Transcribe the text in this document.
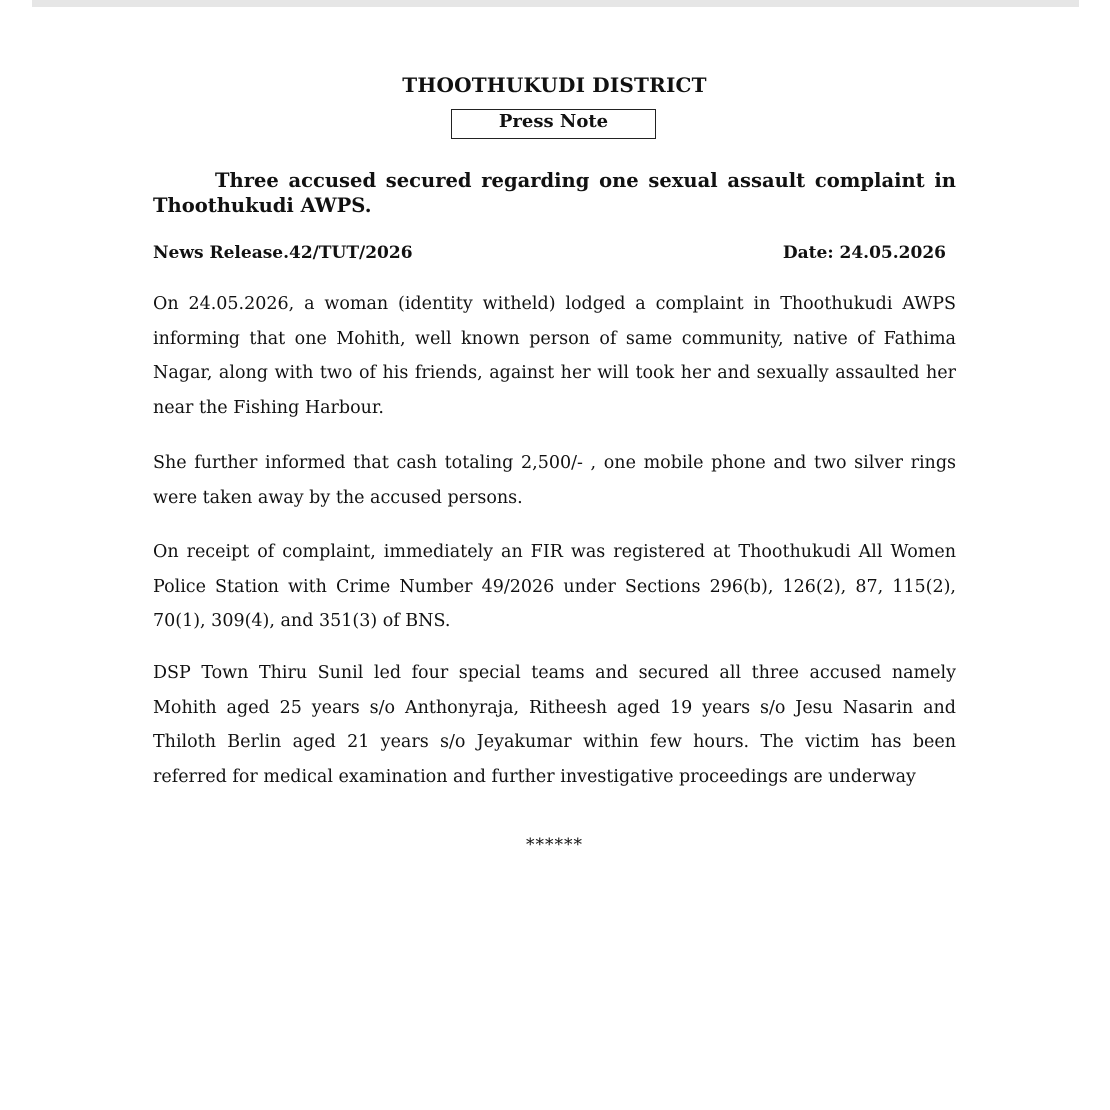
THOOTHUKUDI DISTRICT
Press Note
Three accused secured regarding one sexual assault complaint in Thoothukudi AWPS.
News Release.42/TUT/2026	Date: 24.05.2026

On 24.05.2026, a woman (identity witheld) lodged a complaint in Thoothukudi AWPS informing that one Mohith, well known person of same community, native of Fathima Nagar, along with two of his friends, against her will took her and sexually assaulted her near the Fishing Harbour.

She further informed that cash totaling 2,500/- , one mobile phone and two silver rings were taken away by the accused persons.

On receipt of complaint, immediately an FIR was registered at Thoothukudi All Women Police Station with Crime Number 49/2026 under Sections 296(b), 126(2), 87, 115(2), 70(1), 309(4), and 351(3) of BNS.

DSP Town Thiru Sunil led four special teams and secured all three accused namely Mohith aged 25 years s/o Anthonyraja, Ritheesh aged 19 years s/o Jesu Nasarin and Thiloth Berlin aged 21 years s/o Jeyakumar within few hours. The victim has been referred for medical examination and further investigative proceedings are underway

******
